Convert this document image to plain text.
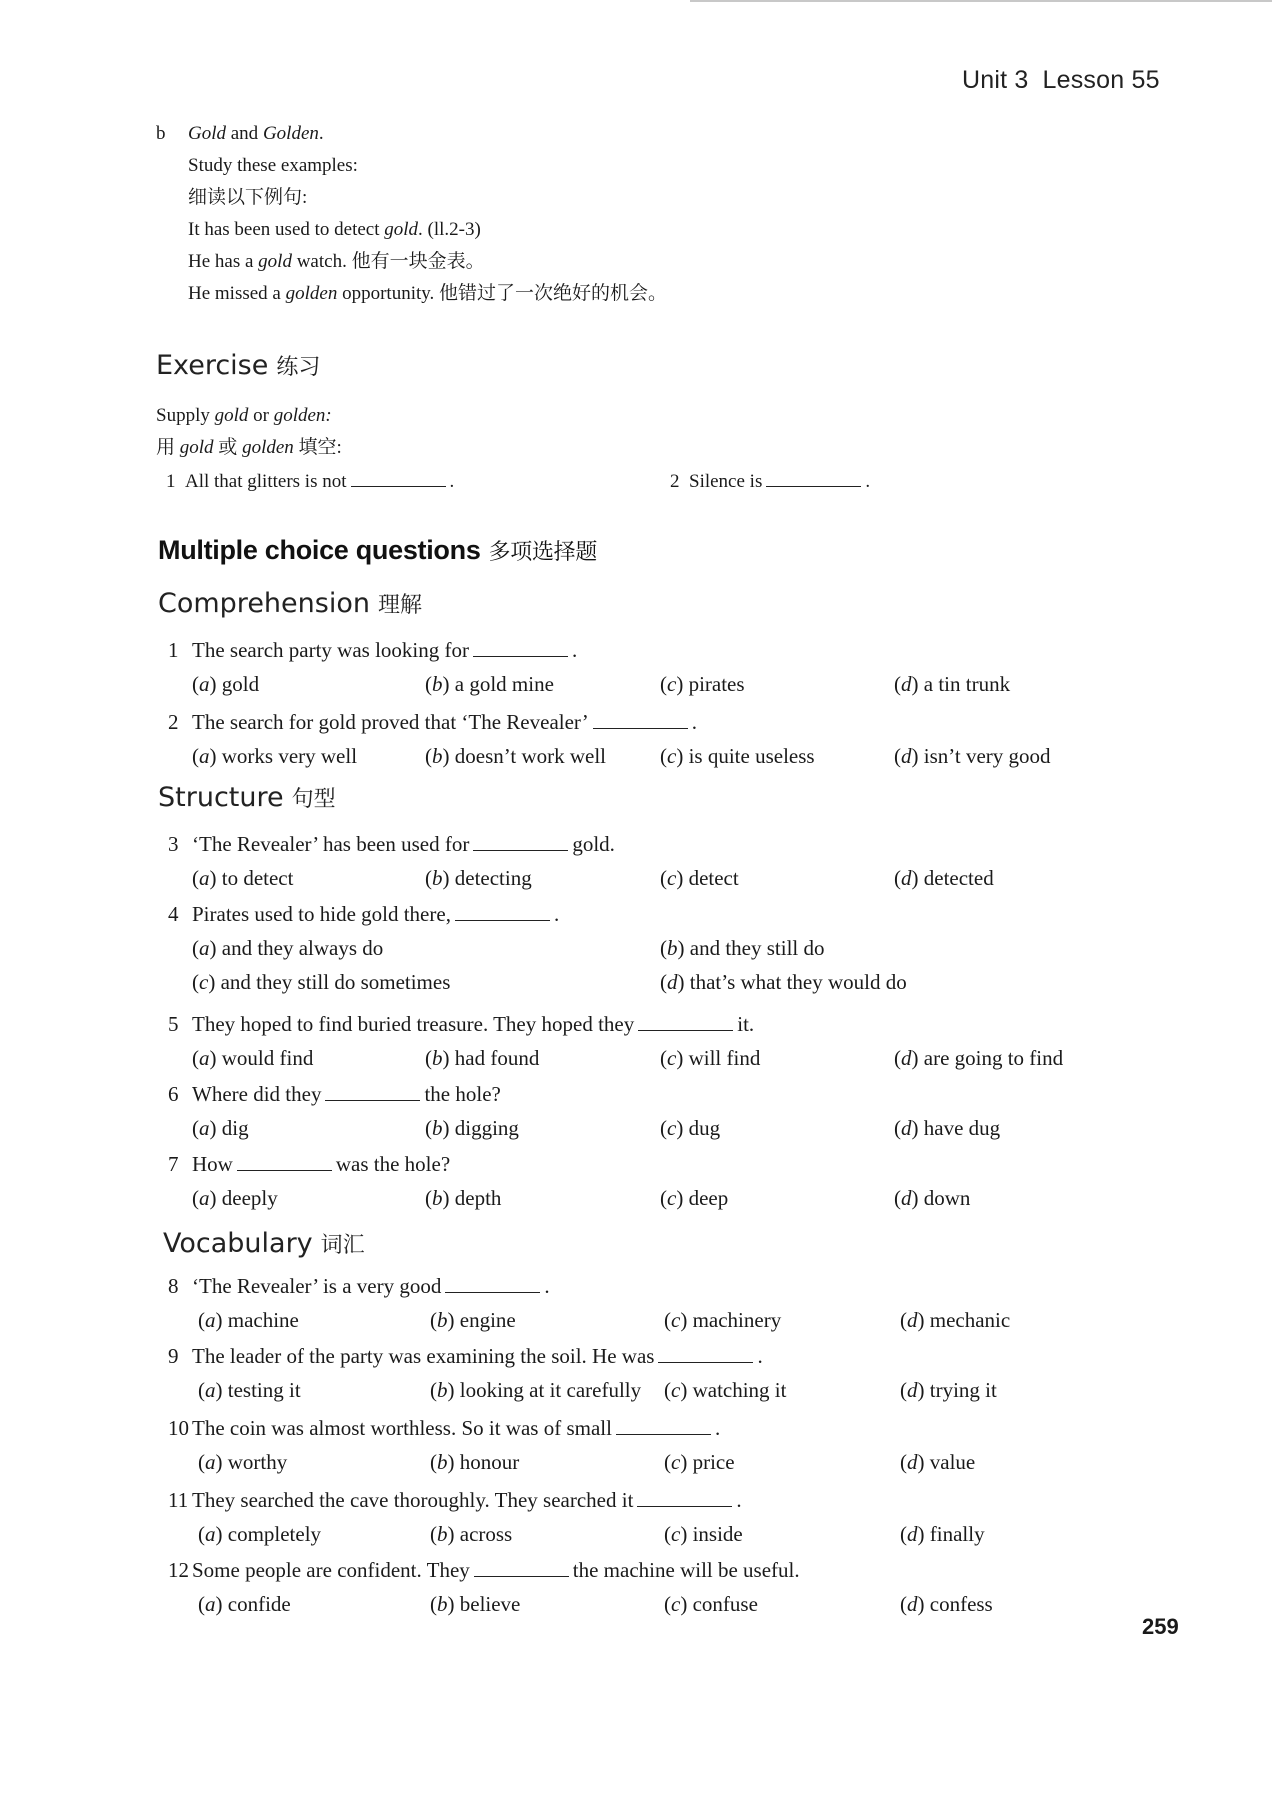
Unit 3 Lesson 55
b Gold and Golden.
Study these examples:
细读以下例句:
It has been used to detect gold. (ll.2-3)
He has a gold watch. 他有一块金表。
He missed a golden opportunity. 他错过了一次绝好的机会。
Exercise 练习
Supply gold or golden:
用 gold 或 golden 填空:
1 All that glitters is not	.	2 Silence is	.
Multiple choice questions 多项选择题
Comprehension 理解
Structure 句型
Vocabulary 词汇
1 The search party was looking for	.
(a) gold	(b) a gold mine	(c) pirates	(d) a tin trunk
2 The search for gold proved that ‘The Revealer’	.
(a) works very well	(b) doesn’t work well	(c) is quite useless	(d) isn’t very good
3 ‘The Revealer’ has been used for	gold.
(a) to detect	(b) detecting	(c) detect	(d) detected
4 Pirates used to hide gold there,	.
(a) and they always do	(b) and they still do
(c) and they still do sometimes	(d) that’s what they would do
5 They hoped to find buried treasure. They hoped they	it.
(a) would find	(b) had found	(c) will find	(d) are going to find
6 Where did they	the hole?
(a) dig	(b) digging	(c) dug	(d) have dug
7 How	was the hole?
(a) deeply	(b) depth	(c) deep	(d) down
8 ‘The Revealer’ is a very good	.
(a) machine	(b) engine	(c) machinery	(d) mechanic
9 The leader of the party was examining the soil. He was	.
(a) testing it	(b) looking at it carefully (c) watching it	(d) trying it
10 The coin was almost worthless. So it was of small	.
(a) worthy	(b) honour	(c) price	(d) value
11 They searched the cave thoroughly. They searched it	.
(a) completely	(b) across	(c) inside	(d) finally
12 Some people are confident. They	the machine will be useful.
(a) confide	(b) believe	(c) confuse	(d) confess
259
